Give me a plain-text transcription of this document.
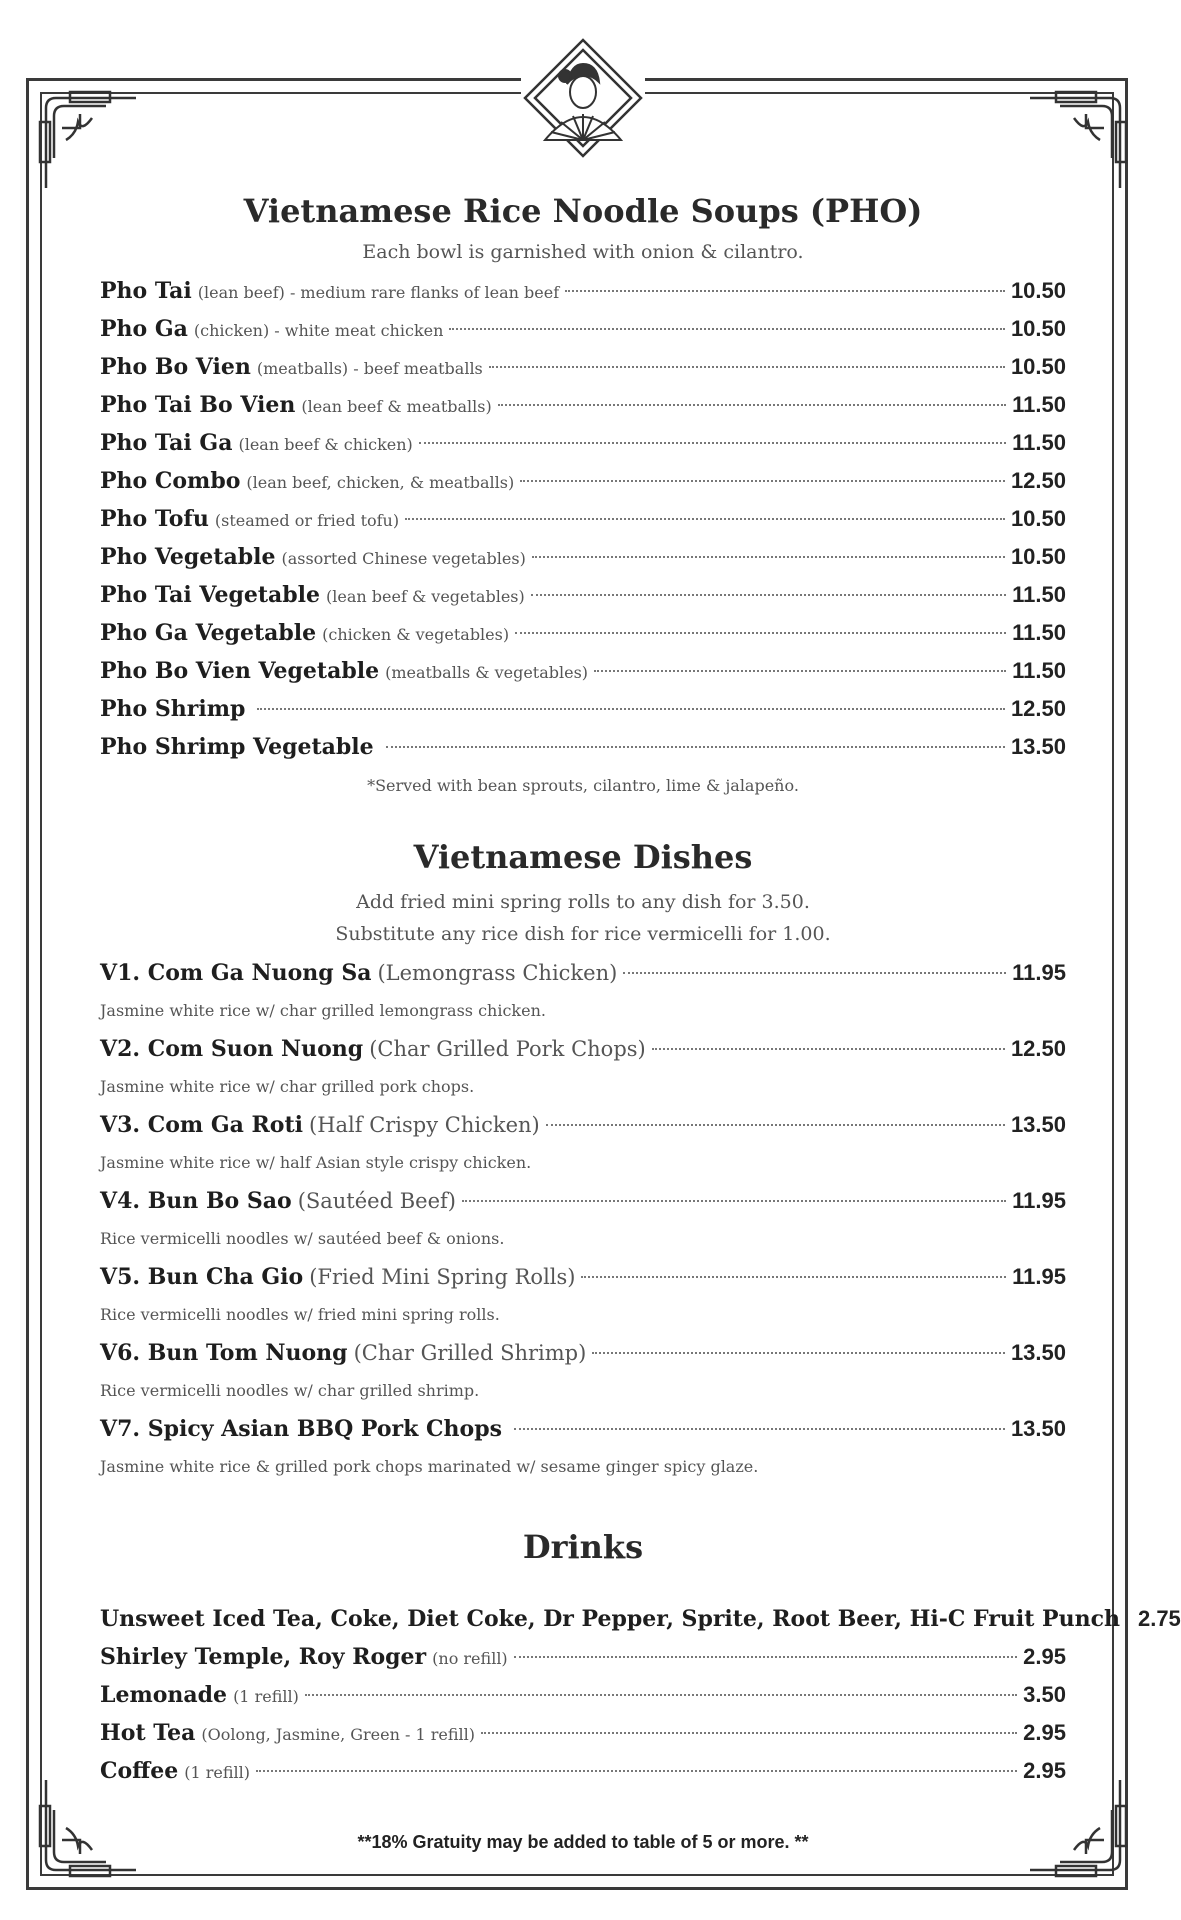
Vietnamese Rice Noodle Soups (PHO)
Each bowl is garnished with onion & cilantro.
Pho Tai (lean beef) - medium rare flanks of lean beef	10.50
Pho Ga (chicken) - white meat chicken	10.50
Pho Bo Vien (meatballs) - beef meatballs	10.50
Pho Tai Bo Vien (lean beef & meatballs)	11.50
Pho Tai Ga (lean beef & chicken)	11.50
Pho Combo (lean beef, chicken, & meatballs)	12.50
Pho Tofu (steamed or fried tofu)	10.50
Pho Vegetable (assorted Chinese vegetables)	10.50
Pho Tai Vegetable (lean beef & vegetables)	11.50
Pho Ga Vegetable (chicken & vegetables)	11.50
Pho Bo Vien Vegetable (meatballs & vegetables)	11.50
Pho Shrimp	12.50
Pho Shrimp Vegetable	13.50
*Served with bean sprouts, cilantro, lime & jalapeño.
Vietnamese Dishes
Add fried mini spring rolls to any dish for 3.50.
Substitute any rice dish for rice vermicelli for 1.00.
V1. Com Ga Nuong Sa (Lemongrass Chicken)	11.95
Jasmine white rice w/ char grilled lemongrass chicken.
V2. Com Suon Nuong (Char Grilled Pork Chops)	12.50
Jasmine white rice w/ char grilled pork chops.
V3. Com Ga Roti (Half Crispy Chicken)	13.50
Jasmine white rice w/ half Asian style crispy chicken.
V4. Bun Bo Sao (Sautéed Beef)	11.95
Rice vermicelli noodles w/ sautéed beef & onions.
V5. Bun Cha Gio (Fried Mini Spring Rolls)	11.95
Rice vermicelli noodles w/ fried mini spring rolls.
V6. Bun Tom Nuong (Char Grilled Shrimp)	13.50
Rice vermicelli noodles w/ char grilled shrimp.
V7. Spicy Asian BBQ Pork Chops	13.50
Jasmine white rice & grilled pork chops marinated w/ sesame ginger spicy glaze.
Drinks
Unsweet Iced Tea, Coke, Diet Coke, Dr Pepper, Sprite, Root Beer, Hi-C Fruit Punch 2.75
Shirley Temple, Roy Roger (no refill)	2.95
Lemonade (1 refill)	3.50
Hot Tea (Oolong, Jasmine, Green - 1 refill)	2.95
Coffee (1 refill)	2.95
**18% Gratuity may be added to table of 5 or more. **
